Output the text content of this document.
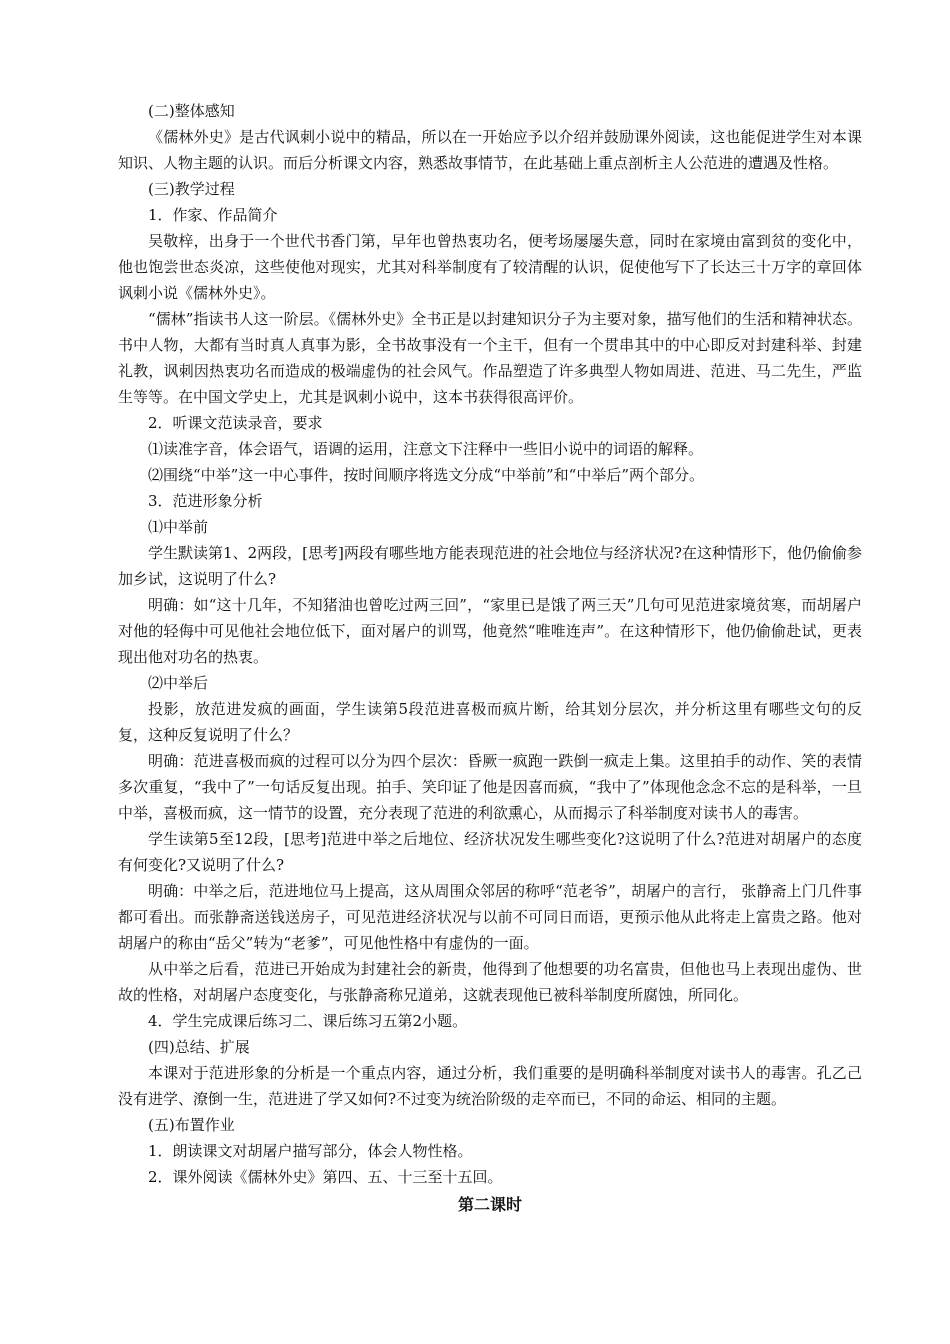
(二)整体感知

《儒林外史》是古代讽刺小说中的精品，所以在一开始应予以介绍并鼓励课外阅读，这也能促进学生对本课知识、人物主题的认识。而后分析课文内容，熟悉故事情节，在此基础上重点剖析主人公范进的遭遇及性格。

(三)教学过程

1．作家、作品简介

吴敬梓，出身于一个世代书香门第，早年也曾热衷功名，便考场屡屡失意，同时在家境由富到贫的变化中，他也饱尝世态炎凉，这些使他对现实，尤其对科举制度有了较清醒的认识，促使他写下了长达三十万字的章回体讽刺小说《儒林外史》。

“儒林”指读书人这一阶层。《儒林外史》全书正是以封建知识分子为主要对象，描写他们的生活和精神状态。书中人物，大都有当时真人真事为影，全书故事没有一个主干，但有一个贯串其中的中心即反对封建科举、封建礼教，讽刺因热衷功名而造成的极端虚伪的社会风气。作品塑造了许多典型人物如周进、范进、马二先生，严监生等等。在中国文学史上，尤其是讽刺小说中，这本书获得很高评价。

2．听课文范读录音，要求

⑴读准字音，体会语气，语调的运用，注意文下注释中一些旧小说中的词语的解释。

⑵围绕“中举”这一中心事件，按时间顺序将选文分成“中举前”和“中举后”两个部分。

3．范进形象分析

⑴中举前

学生默读第1、2两段，[思考]两段有哪些地方能表现范进的社会地位与经济状况?在这种情形下，他仍偷偷参加乡试，这说明了什么?

明确：如“这十几年，不知猪油也曾吃过两三回”，“家里已是饿了两三天”几句可见范进家境贫寒，而胡屠户对他的轻侮中可见他社会地位低下，面对屠户的训骂，他竟然“唯唯连声”。在这种情形下，他仍偷偷赴试，更表现出他对功名的热衷。

⑵中举后

投影，放范进发疯的画面，学生读第5段范进喜极而疯片断，给其划分层次，并分析这里有哪些文句的反复，这种反复说明了什么？

明确：范进喜极而疯的过程可以分为四个层次：昏厥一疯跑一跌倒一疯走上集。这里拍手的动作、笑的表情多次重复，“我中了”一句话反复出现。拍手、笑印证了他是因喜而疯，“我中了”体现他念念不忘的是科举，一旦中举，喜极而疯，这一情节的设置，充分表现了范进的利欲熏心，从而揭示了科举制度对读书人的毒害。

学生读第5至12段，[思考]范进中举之后地位、经济状况发生哪些变化?这说明了什么?范进对胡屠户的态度有何变化?又说明了什么?

明确：中举之后，范进地位马上提高，这从周围众邻居的称呼“范老爷”，胡屠户的言行， 张静斋上门几件事都可看出。而张静斋送钱送房子，可见范进经济状况与以前不可同日而语，更预示他从此将走上富贵之路。他对胡屠户的称由“岳父”转为“老爹”，可见他性格中有虚伪的一面。

从中举之后看，范进已开始成为封建社会的新贵，他得到了他想要的功名富贵，但他也马上表现出虚伪、世故的性格，对胡屠户态度变化，与张静斋称兄道弟，这就表现他已被科举制度所腐蚀，所同化。

4．学生完成课后练习二、课后练习五第2小题。

(四)总结、扩展

本课对于范进形象的分析是一个重点内容，通过分析，我们重要的是明确科举制度对读书人的毒害。孔乙己没有进学、潦倒一生，范进进了学又如何?不过变为统治阶级的走卒而已，不同的命运、相同的主题。

(五)布置作业

1．朗读课文对胡屠户描写部分，体会人物性格。

2．课外阅读《儒林外史》第四、五、十三至十五回。

第二课时
